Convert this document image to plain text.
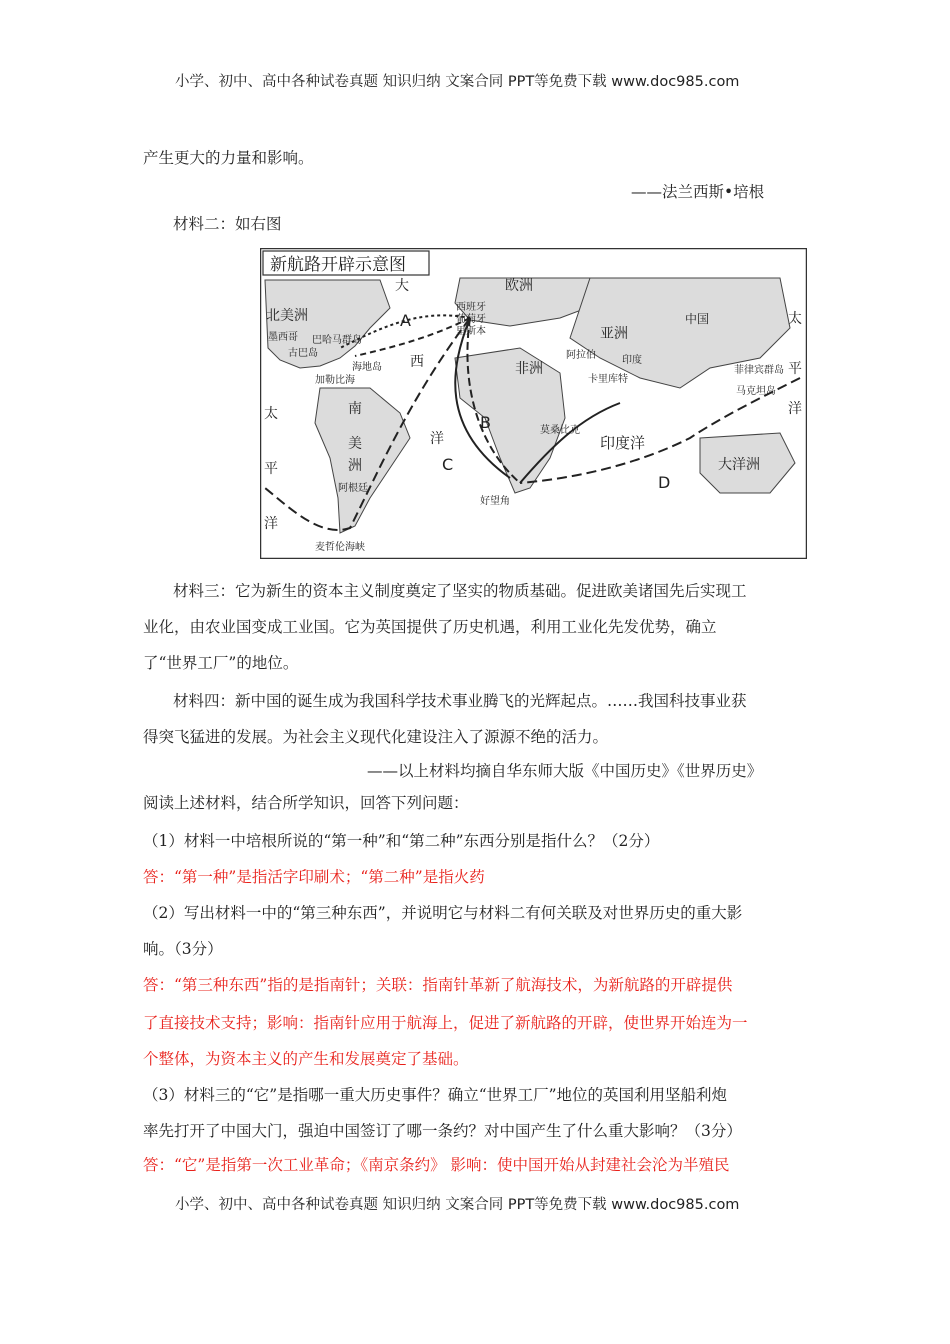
小学、初中、高中各种试卷真题 知识归纳 文案合同 PPT等免费下载 www.doc985.com
产生更大的力量和影响。
——法兰西斯•培根
材料二：如右图
新航路开辟示意图
北美洲
大
西
洋
欧洲
亚洲
中国
非洲
墨西哥 巴哈马群岛
古巴岛
海地岛
加勒比海
西班牙
葡萄牙
里斯本
阿拉伯	印度
卡里库特
菲律宾群岛
马克坦岛
南
美
洲
阿根廷
麦哲伦海峡
好望角
莫桑比克
太
平
洋
太
平
洋
印度洋
大洋洲
A
B
C
D
材料三：它为新生的资本主义制度奠定了坚实的物质基础。促进欧美诸国先后实现工
业化，由农业国变成工业国。它为英国提供了历史机遇，利用工业化先发优势，确立
了“世界工厂”的地位。
材料四：新中国的诞生成为我国科学技术事业腾飞的光辉起点。……我国科技事业获
得突飞猛进的发展。为社会主义现代化建设注入了源源不绝的活力。
——以上材料均摘自华东师大版《中国历史》《世界历史》
阅读上述材料，结合所学知识，回答下列问题：
（1）材料一中培根所说的“第一种”和“第二种”东西分别是指什么？（2分）
答：“第一种”是指活字印刷术；“第二种”是指火药
（2）写出材料一中的“第三种东西”，并说明它与材料二有何关联及对世界历史的重大影
响。（3分）
答：“第三种东西”指的是指南针；关联：指南针革新了航海技术，为新航路的开辟提供
了直接技术支持；影响：指南针应用于航海上，促进了新航路的开辟，使世界开始连为一
个整体，为资本主义的产生和发展奠定了基础。
（3）材料三的“它”是指哪一重大历史事件？确立“世界工厂”地位的英国利用坚船利炮
率先打开了中国大门，强迫中国签订了哪一条约？对中国产生了什么重大影响？（3分）
答：“它”是指第一次工业革命；《南京条约》 影响：使中国开始从封建社会沦为半殖民
小学、初中、高中各种试卷真题 知识归纳 文案合同 PPT等免费下载 www.doc985.com
